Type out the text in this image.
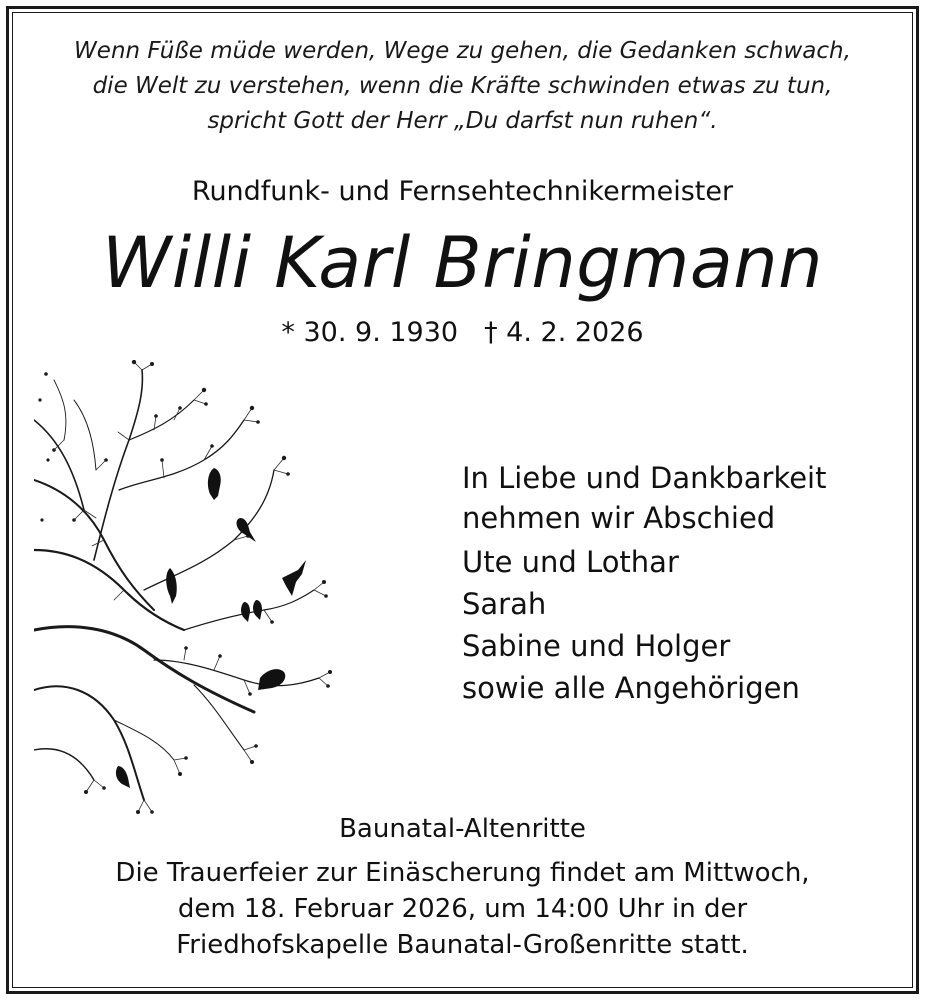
Wenn Füße müde werden, Wege zu gehen, die Gedanken schwach,
die Welt zu verstehen, wenn die Kräfte schwinden etwas zu tun,
spricht Gott der Herr „Du darfst nun ruhen“.
Rundfunk- und Fernsehtechnikermeister
Willi Karl Bringmann
* 30. 9. 1930 † 4. 2. 2026
In Liebe und Dankbarkeit
nehmen wir Abschied
Ute und Lothar
Sarah
Sabine und Holger
sowie alle Angehörigen
Baunatal-Altenritte
Die Trauerfeier zur Einäscherung findet am Mittwoch,
dem 18. Februar 2026, um 14:00 Uhr in der
Friedhofskapelle Baunatal-Großenritte statt.
